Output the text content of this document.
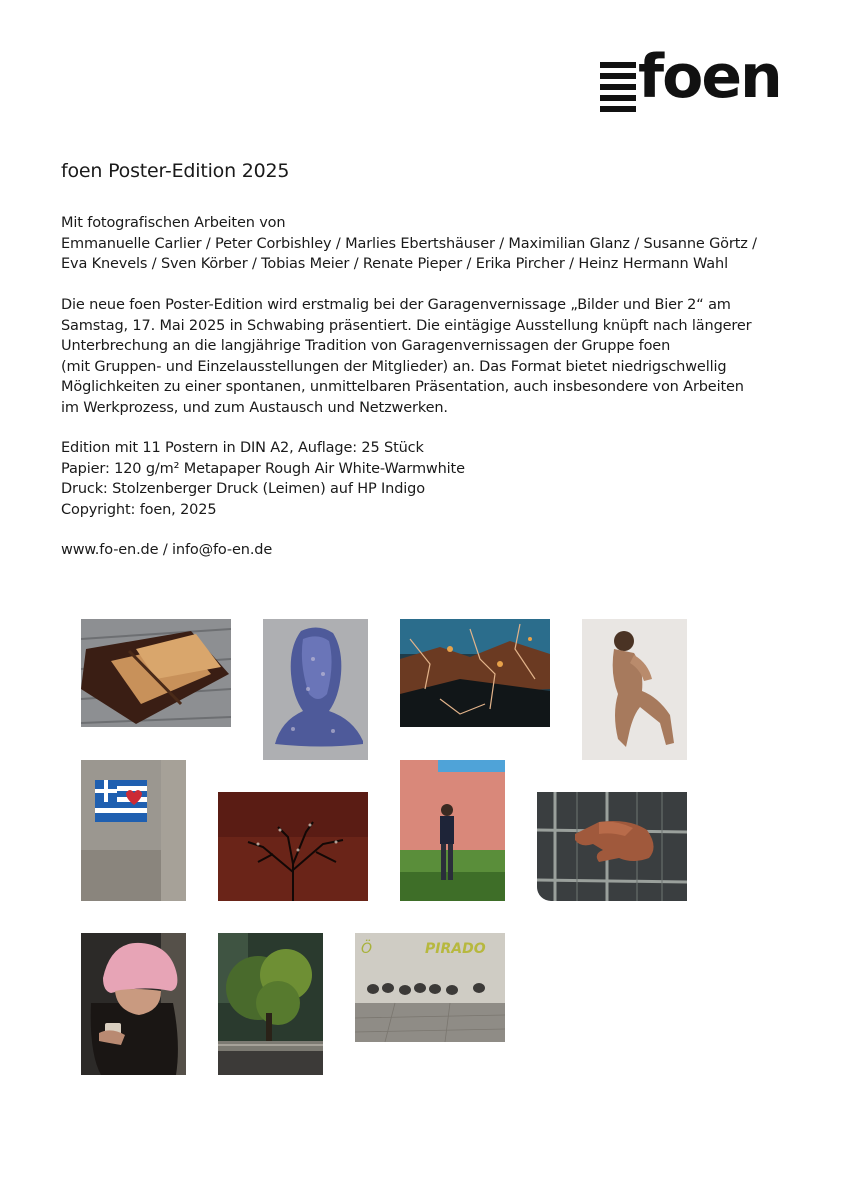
foen
foen Poster-Edition 2025

Mit fotografischen Arbeiten von

Emmanuelle Carlier / Peter Corbishley / Marlies Ebertshäuser / Maximilian Glanz / Susanne Görtz /

Eva Knevels / Sven Körber / Tobias Meier / Renate Pieper / Erika Pircher / Heinz Hermann Wahl

Die neue foen Poster-Edition wird erstmalig bei der Garagenvernissage „Bilder und Bier 2“ am

Samstag, 17. Mai 2025 in Schwabing präsentiert. Die eintägige Ausstellung knüpft nach längerer

Unterbrechung an die langjährige Tradition von Garagenvernissagen der Gruppe foen

(mit Gruppen- und Einzelausstellungen der Mitglieder) an. Das Format bietet niedrigschwellig

Möglichkeiten zu einer spontanen, unmittelbaren Präsentation, auch insbesondere von Arbeiten

im Werkprozess, und zum Austausch und Netzwerken.

Edition mit 11 Postern in DIN A2, Auflage: 25 Stück

Papier: 120 g/m² Metapaper Rough Air White-Warmwhite

Druck: Stolzenberger Druck (Leimen) auf HP Indigo

Copyright: foen, 2025

www.fo-en.de / info@fo-en.de
Ö	PIRADO
